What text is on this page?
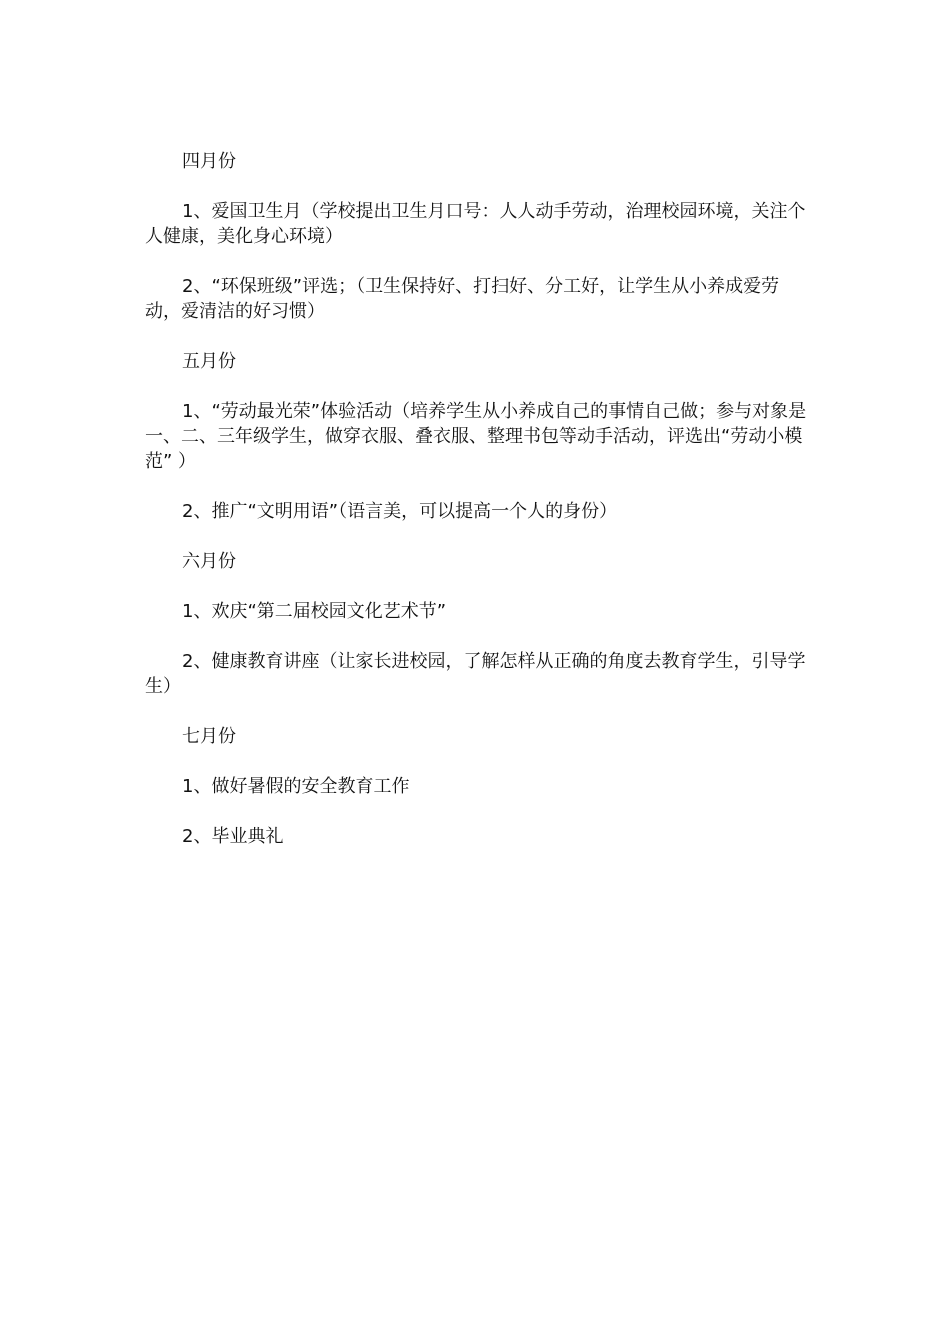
四月份

1、爱国卫生月（学校提出卫生月口号：人人动手劳动，治理校园环境，关注个人健康，美化身心环境）

2、“环保班级”评选；（卫生保持好、打扫好、分工好，让学生从小养成爱劳动，爱清洁的好习惯）

五月份

1、“劳动最光荣”体验活动（培养学生从小养成自己的事情自己做；参与对象是一、二、三年级学生，做穿衣服、叠衣服、整理书包等动手活动，评选出“劳动小模范” ）

2、推广“文明用语”（语言美，可以提高一个人的身份）

六月份

1、欢庆“第二届校园文化艺术节”

2、健康教育讲座（让家长进校园，了解怎样从正确的角度去教育学生，引导学生）

七月份

1、做好暑假的安全教育工作

2、毕业典礼
